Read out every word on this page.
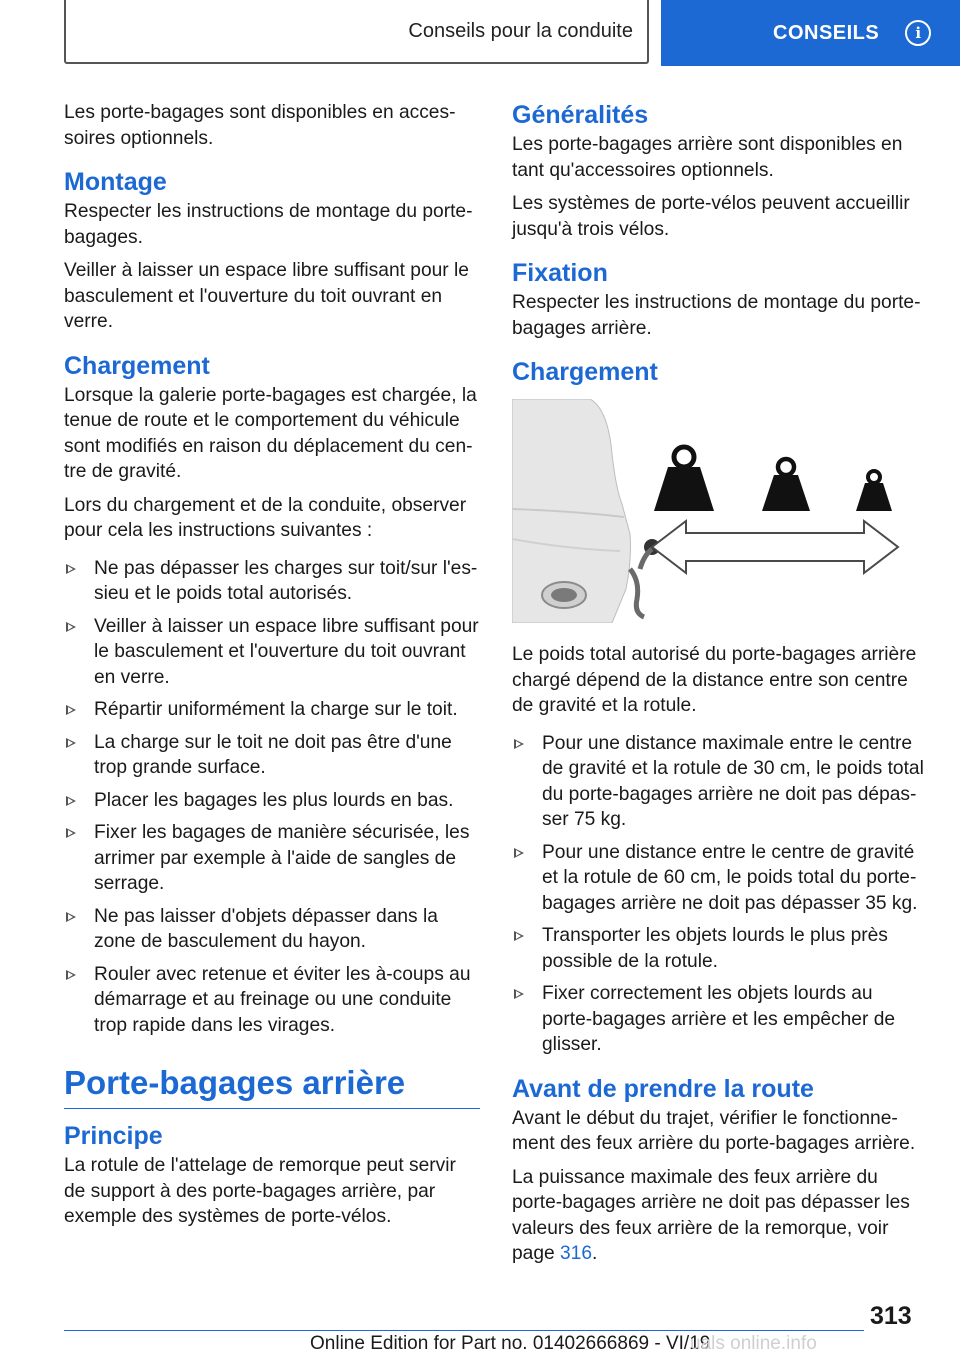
Conseils pour la conduite	CONSEILS	i

Les porte-bagages sont disponibles en acces-soires optionnels.

Montage

Respecter les instructions de montage du porte-bagages.

Veiller à laisser un espace libre suffisant pour le basculement et l'ouverture du toit ouvrant en verre.

Chargement

Lorsque la galerie porte-bagages est chargée, la tenue de route et le comportement du véhicule sont modifiés en raison du déplacement du cen-tre de gravité.

Lors du chargement et de la conduite, observer pour cela les instructions suivantes :

Ne pas dépasser les charges sur toit/sur l'es-sieu et le poids total autorisés.
Veiller à laisser un espace libre suffisant pour le basculement et l'ouverture du toit ouvrant en verre.
Répartir uniformément la charge sur le toit.
La charge sur le toit ne doit pas être d'une trop grande surface.
Placer les bagages les plus lourds en bas.
Fixer les bagages de manière sécurisée, les arrimer par exemple à l'aide de sangles de serrage.
Ne pas laisser d'objets dépasser dans la zone de basculement du hayon.
Rouler avec retenue et éviter les à-coups au démarrage et au freinage ou une conduite trop rapide dans les virages.
Porte-bagages arrière
Principe

La rotule de l'attelage de remorque peut servir de support à des porte-bagages arrière, par exemple des systèmes de porte-vélos.

Généralités

Les porte-bagages arrière sont disponibles en tant qu'accessoires optionnels.

Les systèmes de porte-vélos peuvent accueillir jusqu'à trois vélos.

Fixation

Respecter les instructions de montage du porte-bagages arrière.

Chargement

Le poids total autorisé du porte-bagages arrière chargé dépend de la distance entre son centre de gravité et la rotule.

Pour une distance maximale entre le centre de gravité et la rotule de 30 cm, le poids total du porte-bagages arrière ne doit pas dépas-ser 75 kg.
Pour une distance entre le centre de gravité et la rotule de 60 cm, le poids total du porte-bagages arrière ne doit pas dépasser 35 kg.
Transporter les objets lourds le plus près possible de la rotule.
Fixer correctement les objets lourds au porte-bagages arrière et les empêcher de glisser.
Avant de prendre la route

Avant le début du trajet, vérifier le fonctionne-ment des feux arrière du porte-bagages arrière.

La puissance maximale des feux arrière du porte-bagages arrière ne doit pas dépasser les valeurs des feux arrière de la remorque, voir page 316.

313
Online Edition for Part no. 01402666869 - VI/19
uals online.info
